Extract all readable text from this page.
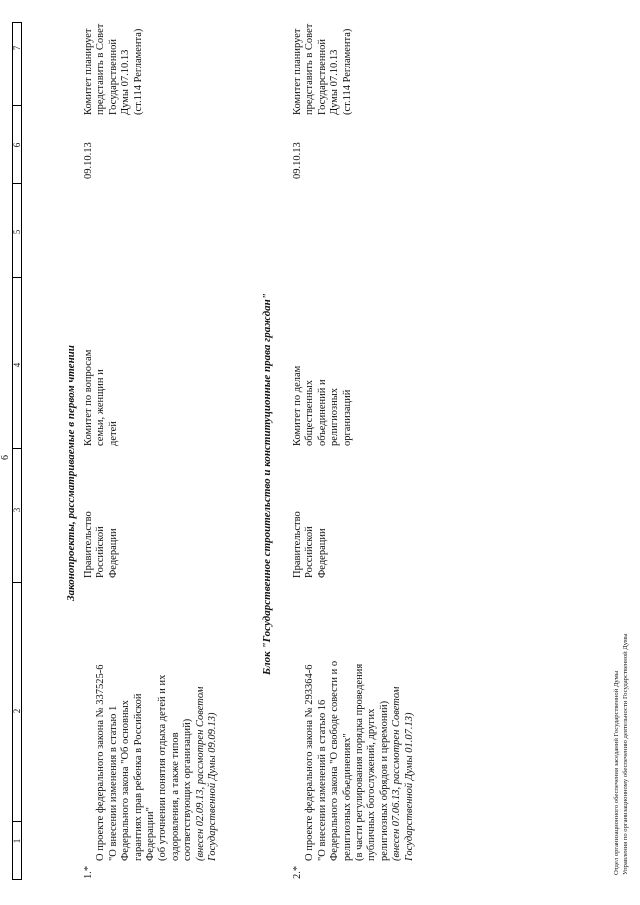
6
1
2
3
4
5
6
7
Законопроекты, рассматриваемые в первом чтении
1.*

О проекте федерального закона № 337525-6
"О внесении изменения в статью 1
Федерального закона "Об основных
гарантиях прав ребенка в Российской
Федерации"
(об уточнении понятия отдыха детей и их
оздоровления, а также типов
соответствующих организаций)

(внесен 02.09.13, рассмотрен Советом
Государственной Думы 09.09.13)

Правительство
Российской
Федерации
Комитет по вопросам
семьи, женщин и
детей
09.10.13
Комитет планирует
представить в Совет
Государственной
Думы 07.10.13
(ст.114 Регламента)
Блок "Государственное строительство и конституционные права граждан"
2.*

О проекте федерального закона № 293364-6
"О внесении изменений в статью 16
Федерального закона "О свободе совести и о
религиозных объединениях"
(в части регулирования порядка проведения
публичных богослужений, других
религиозных обрядов и церемоний)

(внесен 07.06.13, рассмотрен Советом
Государственной Думы 01.07.13)

Правительство
Российской
Федерации
Комитет по делам
общественных
объединений и
религиозных
организаций
09.10.13
Комитет планирует
представить в Совет
Государственной
Думы 07.10.13
(ст.114 Регламента)
Отдел организационного обеспечения заседаний Государственной Думы Управления по организационному обеспечению деятельности Государственной Думы
